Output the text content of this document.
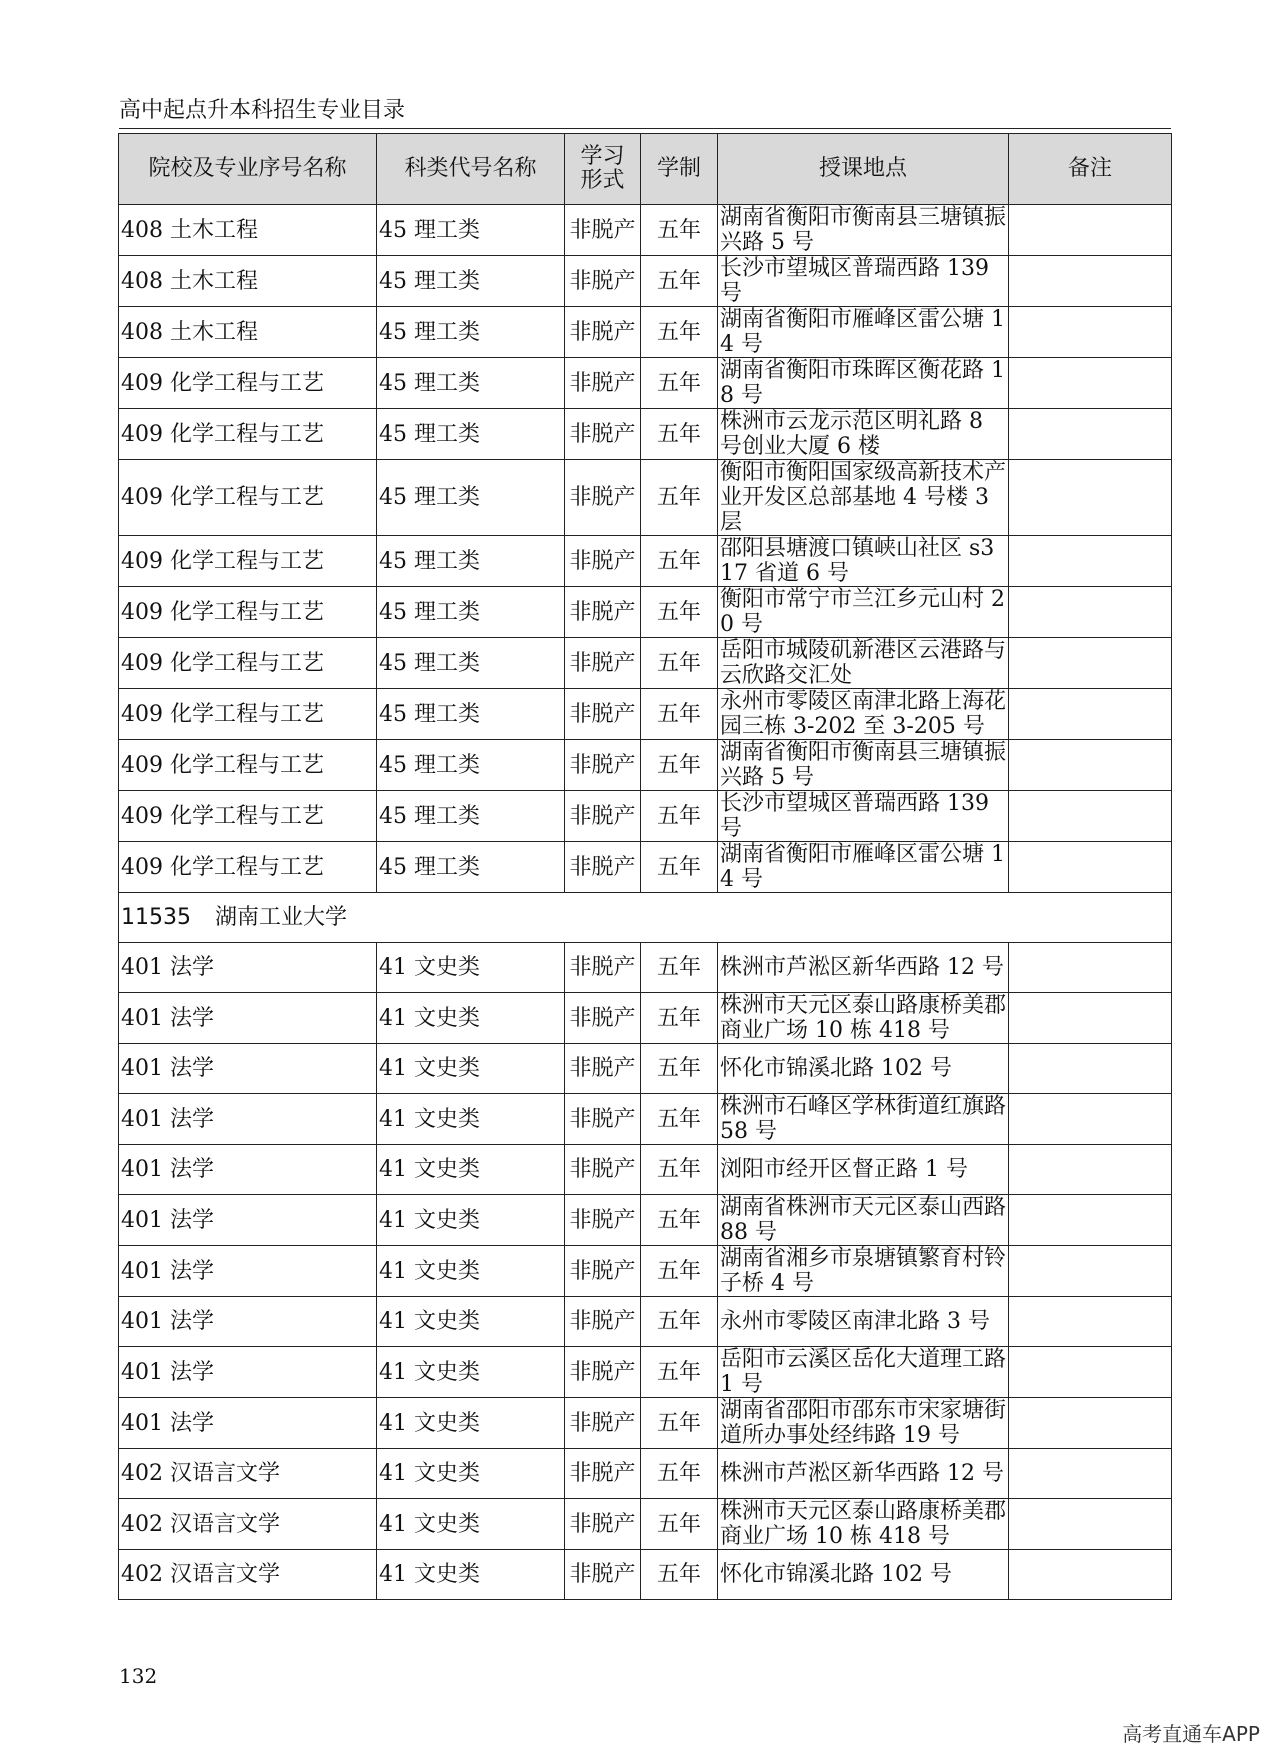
高中起点升本科招生专业目录
院校及专业序号名称	科类代号名称	学习
形式	学制	授课地点	备注
408 土木工程	45 理工类	非脱产	五年	湖南省衡阳市衡南县三塘镇振兴路 5 号	
408 土木工程	45 理工类	非脱产	五年	长沙市望城区普瑞西路 139 号	
408 土木工程	45 理工类	非脱产	五年	湖南省衡阳市雁峰区雷公塘 14 号	
409 化学工程与工艺	45 理工类	非脱产	五年	湖南省衡阳市珠晖区衡花路 18 号	
409 化学工程与工艺	45 理工类	非脱产	五年	株洲市云龙示范区明礼路 8 号创业大厦 6 楼	
409 化学工程与工艺	45 理工类	非脱产	五年	衡阳市衡阳国家级高新技术产业开发区总部基地 4 号楼 3 层	
409 化学工程与工艺	45 理工类	非脱产	五年	邵阳县塘渡口镇峡山社区 s317 省道 6 号	
409 化学工程与工艺	45 理工类	非脱产	五年	衡阳市常宁市兰江乡元山村 20 号	
409 化学工程与工艺	45 理工类	非脱产	五年	岳阳市城陵矶新港区云港路与云欣路交汇处	
409 化学工程与工艺	45 理工类	非脱产	五年	永州市零陵区南津北路上海花园三栋 3-202 至 3-205 号	
409 化学工程与工艺	45 理工类	非脱产	五年	湖南省衡阳市衡南县三塘镇振兴路 5 号	
409 化学工程与工艺	45 理工类	非脱产	五年	长沙市望城区普瑞西路 139 号	
409 化学工程与工艺	45 理工类	非脱产	五年	湖南省衡阳市雁峰区雷公塘 14 号	
11535 湖南工业大学					
401 法学	41 文史类	非脱产	五年	株洲市芦淞区新华西路 12 号	
401 法学	41 文史类	非脱产	五年	株洲市天元区泰山路康桥美郡商业广场 10 栋 418 号	
401 法学	41 文史类	非脱产	五年	怀化市锦溪北路 102 号	
401 法学	41 文史类	非脱产	五年	株洲市石峰区学林街道红旗路 58 号	
401 法学	41 文史类	非脱产	五年	浏阳市经开区督正路 1 号	
401 法学	41 文史类	非脱产	五年	湖南省株洲市天元区泰山西路 88 号	
401 法学	41 文史类	非脱产	五年	湖南省湘乡市泉塘镇繁育村铃子桥 4 号	
401 法学	41 文史类	非脱产	五年	永州市零陵区南津北路 3 号	
401 法学	41 文史类	非脱产	五年	岳阳市云溪区岳化大道理工路 1 号	
401 法学	41 文史类	非脱产	五年	湖南省邵阳市邵东市宋家塘街道所办事处经纬路 19 号	
402 汉语言文学	41 文史类	非脱产	五年	株洲市芦淞区新华西路 12 号	
402 汉语言文学	41 文史类	非脱产	五年	株洲市天元区泰山路康桥美郡商业广场 10 栋 418 号	
402 汉语言文学	41 文史类	非脱产	五年	怀化市锦溪北路 102 号	
132
高考直通车APP
